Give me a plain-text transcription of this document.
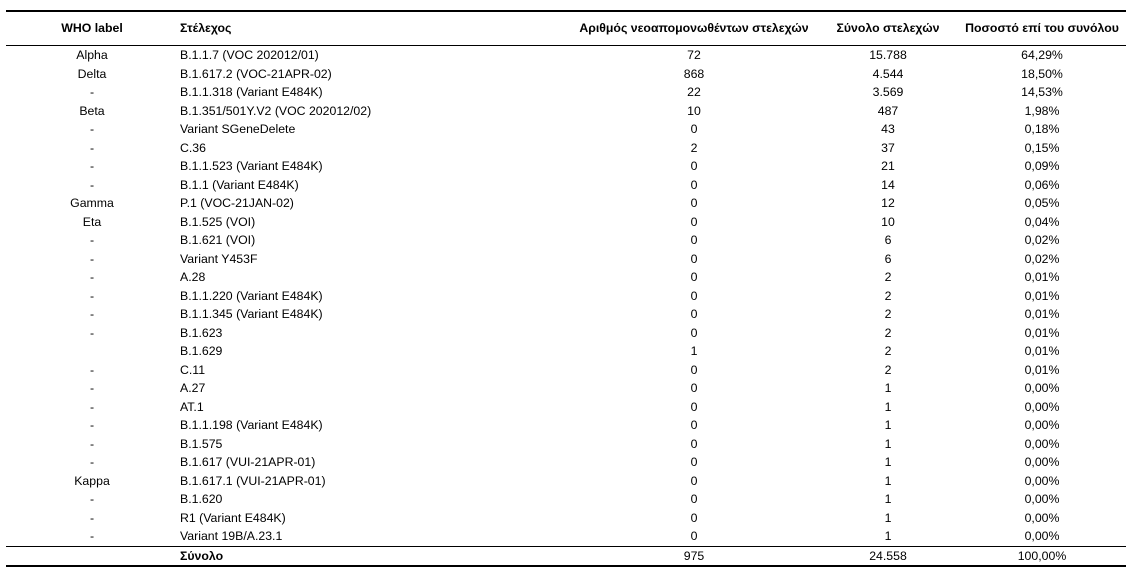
WHO label	Στέλεχος	Αριθμός νεοαπομονωθέντων στελεχών	Σύνολο στελεχών	Ποσοστό επί του συνόλου
Alpha	B.1.1.7 (VOC 202012/01)	72	15.788	64,29%
Delta	B.1.617.2 (VOC-21APR-02)	868	4.544	18,50%
-	B.1.1.318 (Variant E484K)	22	3.569	14,53%
Beta	B.1.351/501Y.V2 (VOC 202012/02)	10	487	1,98%
-	Variant SGeneDelete	0	43	0,18%
-	C.36	2	37	0,15%
-	B.1.1.523 (Variant E484K)	0	21	0,09%
-	B.1.1 (Variant E484K)	0	14	0,06%
Gamma	P.1 (VOC-21JAN-02)	0	12	0,05%
Eta	B.1.525 (VOI)	0	10	0,04%
-	B.1.621 (VOI)	0	6	0,02%
-	Variant Y453F	0	6	0,02%
-	A.28	0	2	0,01%
-	B.1.1.220 (Variant E484K)	0	2	0,01%
-	B.1.1.345 (Variant E484K)	0	2	0,01%
-	B.1.623	0	2	0,01%
	B.1.629	1	2	0,01%
-	C.11	0	2	0,01%
-	A.27	0	1	0,00%
-	AT.1	0	1	0,00%
-	B.1.1.198 (Variant E484K)	0	1	0,00%
-	B.1.575	0	1	0,00%
-	B.1.617 (VUI-21APR-01)	0	1	0,00%
Kappa	B.1.617.1 (VUI-21APR-01)	0	1	0,00%
-	B.1.620	0	1	0,00%
-	R1 (Variant E484K)	0	1	0,00%
-	Variant 19B/A.23.1	0	1	0,00%
	Σύνολο	975	24.558	100,00%
